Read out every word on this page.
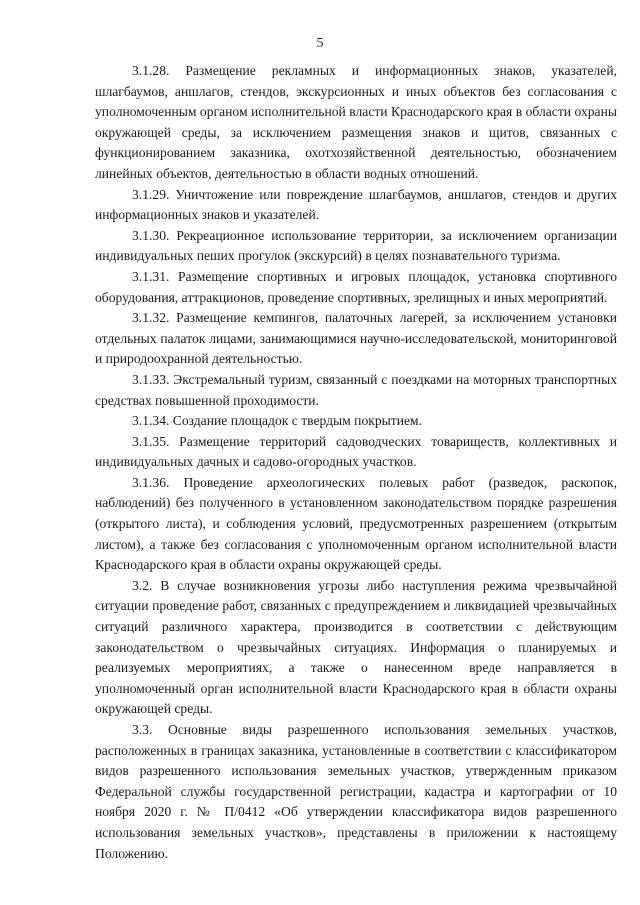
5

3.1.28. Размещение рекламных и информационных знаков, указателей, шлагбаумов, аншлагов, стендов, экскурсионных и иных объектов без согласования с уполномоченным органом исполнительной власти Краснодарского края в области охраны окружающей среды, за исключением размещения знаков и щитов, связанных с функционированием заказника, охотхозяйственной деятельностью, обозначением линейных объектов, деятельностью в области водных отношений.

3.1.29. Уничтожение или повреждение шлагбаумов, аншлагов, стендов и других информационных знаков и указателей.

3.1.30. Рекреационное использование территории, за исключением организации индивидуальных пеших прогулок (экскурсий) в целях познавательного туризма.

3.1.31. Размещение спортивных и игровых площадок, установка спортивного оборудования, аттракционов, проведение спортивных, зрелищных и иных мероприятий.

3.1.32. Размещение кемпингов, палаточных лагерей, за исключением установки отдельных палаток лицами, занимающимися научно-исследовательской, мониторинговой и природоохранной деятельностью.

3.1.33. Экстремальный туризм, связанный с поездками на моторных транспортных средствах повышенной проходимости.

3.1.34. Создание площадок с твердым покрытием.

3.1.35. Размещение территорий садоводческих товариществ, коллективных и индивидуальных дачных и садово-огородных участков.

3.1.36. Проведение археологических полевых работ (разведок, раскопок, наблюдений) без полученного в установленном законодательством порядке разрешения (открытого листа), и соблюдения условий, предусмотренных разрешением (открытым листом), а также без согласования с уполномоченным органом исполнительной власти Краснодарского края в области охраны окружающей среды.

3.2. В случае возникновения угрозы либо наступления режима чрезвычайной ситуации проведение работ, связанных с предупреждением и ликвидацией чрезвычайных ситуаций различного характера, производится в соответствии с действующим законодательством о чрезвычайных ситуациях. Информация о планируемых и реализуемых мероприятиях, а также о нанесенном вреде направляется в уполномоченный орган исполнительной власти Краснодарского края в области охраны окружающей среды.

3.3. Основные виды разрешенного использования земельных участков, расположенных в границах заказника, установленные в соответствии с классификатором видов разрешенного использования земельных участков, утвержденным приказом Федеральной службы государственной регистрации, кадастра и картографии от 10 ноября 2020 г. № П/0412 «Об утверждении классификатора видов разрешенного использования земельных участков», представлены в приложении к настоящему Положению.
